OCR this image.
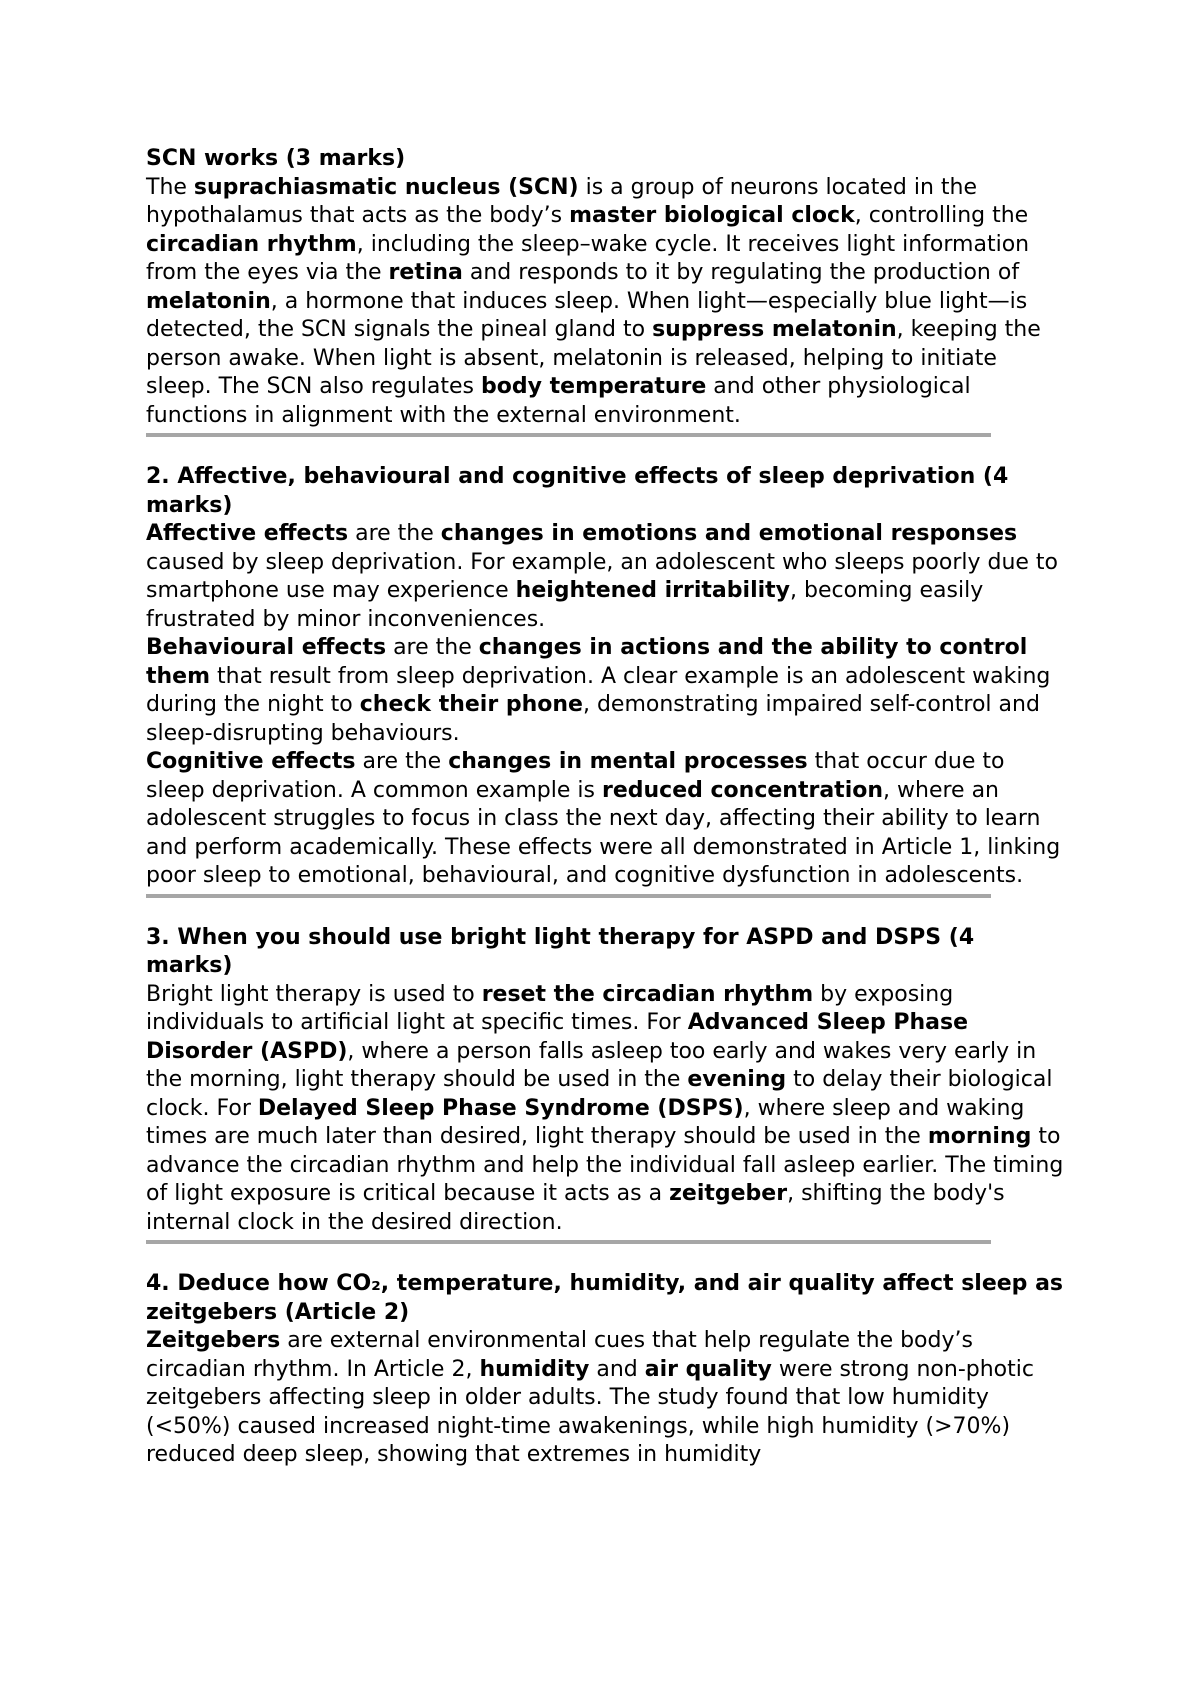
SCN works (3 marks)

The suprachiasmatic nucleus (SCN) is a group of neurons located in the hypothalamus that acts as the body’s master biological clock, controlling the circadian rhythm, including the sleep–wake cycle. It receives light information from the eyes via the retina and responds to it by regulating the production of melatonin, a hormone that induces sleep. When light—especially blue light—is detected, the SCN signals the pineal gland to suppress melatonin, keeping the person awake. When light is absent, melatonin is released, helping to initiate sleep. The SCN also regulates body temperature and other physiological functions in alignment with the external environment.

2. Affective, behavioural and cognitive effects of sleep deprivation (4 marks)

Affective effects are the changes in emotions and emotional responses caused by sleep deprivation. For example, an adolescent who sleeps poorly due to smartphone use may experience heightened irritability, becoming easily frustrated by minor inconveniences.

Behavioural effects are the changes in actions and the ability to control them that result from sleep deprivation. A clear example is an adolescent waking during the night to check their phone, demonstrating impaired self-control and sleep-disrupting behaviours.

Cognitive effects are the changes in mental processes that occur due to sleep deprivation. A common example is reduced concentration, where an adolescent struggles to focus in class the next day, affecting their ability to learn and perform academically. These effects were all demonstrated in Article 1, linking poor sleep to emotional, behavioural, and cognitive dysfunction in adolescents.

3. When you should use bright light therapy for ASPD and DSPS (4 marks)

Bright light therapy is used to reset the circadian rhythm by exposing individuals to artificial light at specific times. For Advanced Sleep Phase Disorder (ASPD), where a person falls asleep too early and wakes very early in the morning, light therapy should be used in the evening to delay their biological clock. For Delayed Sleep Phase Syndrome (DSPS), where sleep and waking times are much later than desired, light therapy should be used in the morning to advance the circadian rhythm and help the individual fall asleep earlier. The timing of light exposure is critical because it acts as a zeitgeber, shifting the body's internal clock in the desired direction.

4. Deduce how CO₂, temperature, humidity, and air quality affect sleep as zeitgebers (Article 2)

Zeitgebers are external environmental cues that help regulate the body’s circadian rhythm. In Article 2, humidity and air quality were strong non-photic zeitgebers affecting sleep in older adults. The study found that low humidity (<50%) caused increased night-time awakenings, while high humidity (>70%) reduced deep sleep, showing that extremes in humidity
